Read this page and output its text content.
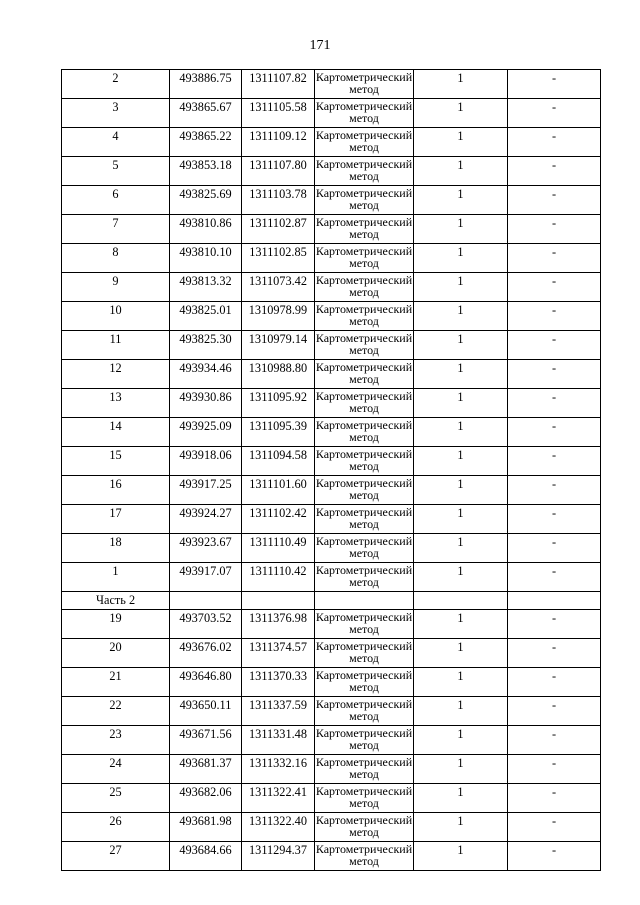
171
2	493886.75	1311107.82	Картометрический метод	1	-
3	493865.67	1311105.58	Картометрический метод	1	-
4	493865.22	1311109.12	Картометрический метод	1	-
5	493853.18	1311107.80	Картометрический метод	1	-
6	493825.69	1311103.78	Картометрический метод	1	-
7	493810.86	1311102.87	Картометрический метод	1	-
8	493810.10	1311102.85	Картометрический метод	1	-
9	493813.32	1311073.42	Картометрический метод	1	-
10	493825.01	1310978.99	Картометрический метод	1	-
11	493825.30	1310979.14	Картометрический метод	1	-
12	493934.46	1310988.80	Картометрический метод	1	-
13	493930.86	1311095.92	Картометрический метод	1	-
14	493925.09	1311095.39	Картометрический метод	1	-
15	493918.06	1311094.58	Картометрический метод	1	-
16	493917.25	1311101.60	Картометрический метод	1	-
17	493924.27	1311102.42	Картометрический метод	1	-
18	493923.67	1311110.49	Картометрический метод	1	-
1	493917.07	1311110.42	Картометрический метод	1	-
Часть 2					
19	493703.52	1311376.98	Картометрический метод	1	-
20	493676.02	1311374.57	Картометрический метод	1	-
21	493646.80	1311370.33	Картометрический метод	1	-
22	493650.11	1311337.59	Картометрический метод	1	-
23	493671.56	1311331.48	Картометрический метод	1	-
24	493681.37	1311332.16	Картометрический метод	1	-
25	493682.06	1311322.41	Картометрический метод	1	-
26	493681.98	1311322.40	Картометрический метод	1	-
27	493684.66	1311294.37	Картометрический метод	1	-
